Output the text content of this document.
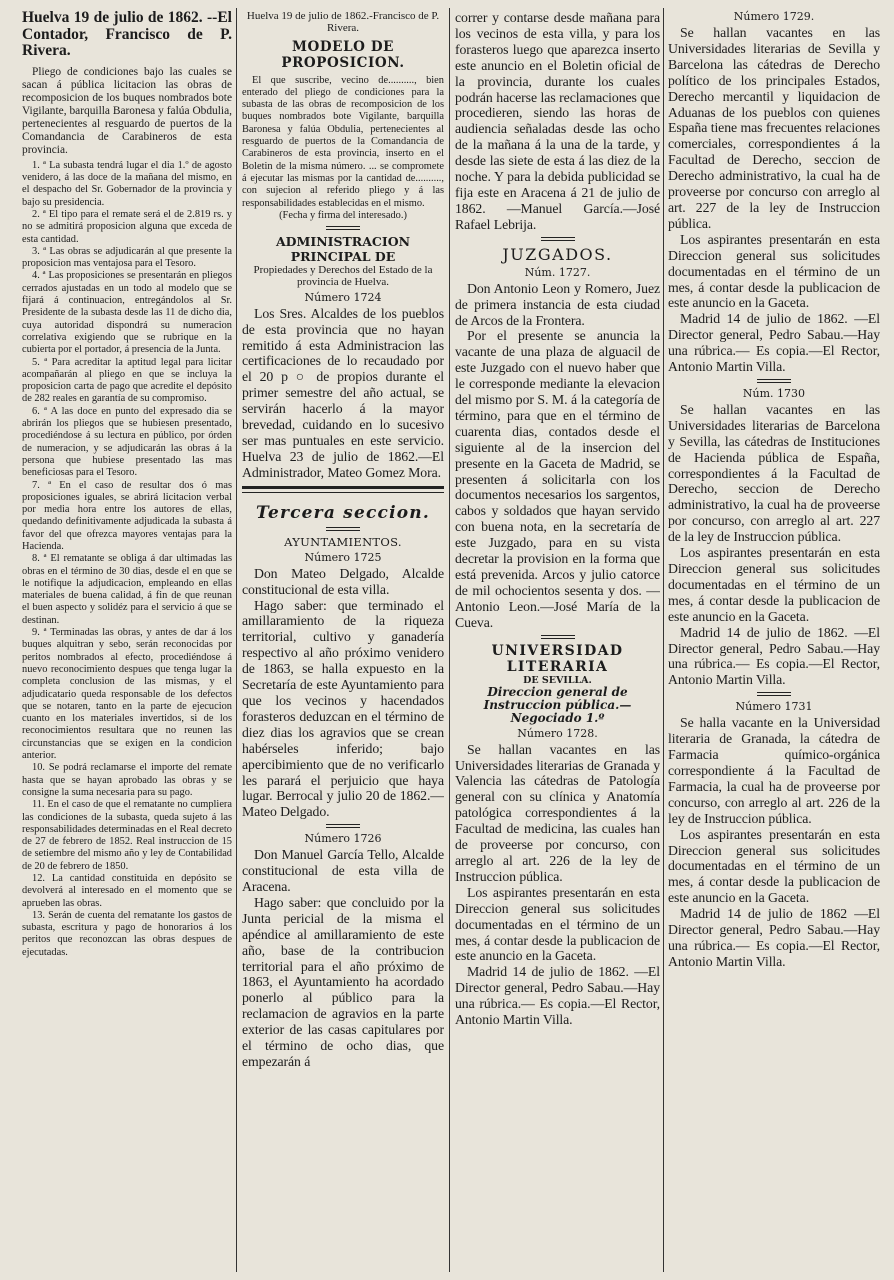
Huelva 19 de julio de 1862. --El Contador, Francisco de P. Rivera.

Pliego de condiciones bajo las cuales se sacan á pública licitacion las obras de recomposicion de los buques nombrados bote Vigilante, barquilla Baronesa y falúa Obdulia, pertenecientes al resguardo de puertos de la Comandancia de Carabineros de esta provincia.

1. ª La subasta tendrá lugar el dia 1.º de agosto venidero, á las doce de la mañana del mismo, en el despacho del Sr. Gobernador de la provincia y bajo su presidencia.

2. ª El tipo para el remate será el de 2.819 rs. y no se admitirá proposicion alguna que exceda de esta cantidad.

3. ª Las obras se adjudicarán al que presente la proposicion mas ventajosa para el Tesoro.

4. ª Las proposiciones se presentarán en pliegos cerrados ajustadas en un todo al modelo que se fijará á continuacion, entregándolos al Sr. Presidente de la subasta desde las 11 de dicho dia, cuya autoridad dispondrá su numeracion correlativa exigiendo que se rubrique en la cubierta por el portador, á presencia de la Junta.

5. ª Para acreditar la aptitud legal para licitar acompañarán al pliego en que se incluya la proposicion carta de pago que acredite el depósito de 282 reales en garantía de su compromiso.

6. ª A las doce en punto del expresado dia se abrirán los pliegos que se hubiesen presentado, procediéndose á su lectura en público, por órden de numeracion, y se adjudicarán las obras á la persona que hubiese presentado las mas beneficiosas para el Tesoro.

7. ª En el caso de resultar dos ó mas proposiciones iguales, se abrirá licitacion verbal por media hora entre los autores de ellas, quedando definitivamente adjudicada la subasta á favor del que ofrezca mayores ventajas para la Hacienda.

8. ª El rematante se obliga á dar ultimadas las obras en el término de 30 dias, desde el en que se le notifique la adjudicacion, empleando en ellas materiales de buena calidad, á fin de que reunan el buen aspecto y solidéz para el servicio á que se destinan.

9. ª Terminadas las obras, y antes de dar á los buques alquitran y sebo, serán reconocidas por peritos nombrados al efecto, procediéndose á nuevo reconocimiento despues que tenga lugar la completa conclusion de las mismas, y el adjudicatario queda responsable de los defectos que se notaren, tanto en la parte de ejecucion cuanto en los materiales invertidos, si de los reconocimientos resultara que no reunen las circunstancias que se exigen en la condicion anterior.

10. Se podrá reclamarse el importe del remate hasta que se hayan aprobado las obras y se consigne la suma necesaria para su pago.

11. En el caso de que el rematante no cumpliera las condiciones de la subasta, queda sujeto á las responsabilidades determinadas en el Real decreto de 27 de febrero de 1852. Real instruccion de 15 de setiembre del mismo año y ley de Contabilidad de 20 de febrero de 1850.

12. La cantidad constituida en depósito se devolverá al interesado en el momento que se aprueben las obras.

13. Serán de cuenta del rematante los gastos de subasta, escritura y pago de honorarios á los peritos que reconozcan las obras despues de ejecutadas.

Huelva 19 de julio de 1862.-Francisco de P. Rivera.

MODELO DE PROPOSICION.

El que suscribe, vecino de.........., bien enterado del pliego de condiciones para la subasta de las obras de recomposicion de los buques nombrados bote Vigilante, barquilla Baronesa y falúa Obdulia, pertenecientes al resguardo de puertos de la Comandancia de Carabineros de esta provincia, inserto en el Boletin de la misma número. ... se compromete á ejecutar las mismas por la cantidad de.........., con sujecion al referido pliego y á las responsabilidades establecidas en el mismo.

(Fecha y firma del interesado.)

ADMINISTRACION PRINCIPAL DE

Propiedades y Derechos del Estado de la provincia de Huelva.

Número 1724

Los Sres. Alcaldes de los pueblos de esta provincia que no hayan remitido á esta Administracion las certificaciones de lo recaudado por el 20 p ○ de propios durante el primer semestre del año actual, se servirán hacerlo á la mayor brevedad, cuidando en lo sucesivo ser mas puntuales en este servicio. Huelva 23 de julio de 1862.—El Administrador, Mateo Gomez Mora.

Tercera seccion.

AYUNTAMIENTOS.

Número 1725

Don Mateo Delgado, Alcalde constitucional de esta villa.

Hago saber: que terminado el amillaramiento de la riqueza territorial, cultivo y ganadería respectivo al año próximo venidero de 1863, se halla expuesto en la Secretaría de este Ayuntamiento para que los vecinos y hacendados forasteros deduzcan en el término de diez dias los agravios que se crean habérseles inferido; bajo apercibimiento que de no verificarlo les parará el perjuicio que haya lugar. Berrocal y julio 20 de 1862.—Mateo Delgado.

Número 1726

Don Manuel García Tello, Alcalde constitucional de esta villa de Aracena.

Hago saber: que concluido por la Junta pericial de la misma el apéndice al amillaramiento de este año, base de la contribucion territorial para el año próximo de 1863, el Ayuntamiento ha acordado ponerlo al público para la reclamacion de agravios en la parte exterior de las casas capitulares por el término de ocho dias, que empezarán á

correr y contarse desde mañana para los vecinos de esta villa, y para los forasteros luego que aparezca inserto este anuncio en el Boletin oficial de la provincia, durante los cuales podrán hacerse las reclamaciones que procedieren, siendo las horas de audiencia señaladas desde las ocho de la mañana á la una de la tarde, y desde las siete de esta á las diez de la noche. Y para la debida publicidad se fija este en Aracena á 21 de julio de 1862. —Manuel García.—José Rafael Lebrija.

JUZGADOS.

Núm. 1727.

Don Antonio Leon y Romero, Juez de primera instancia de esta ciudad de Arcos de la Frontera.

Por el presente se anuncia la vacante de una plaza de alguacil de este Juzgado con el nuevo haber que le corresponde mediante la elevacion del mismo por S. M. á la categoría de término, para que en el término de cuarenta dias, contados desde el siguiente al de la insercion del presente en la Gaceta de Madrid, se presenten á solicitarla con los documentos necesarios los sargentos, cabos y soldados que hayan servido con buena nota, en la secretaría de este Juzgado, para en su vista decretar la provision en la forma que está prevenida. Arcos y julio catorce de mil ochocientos sesenta y dos. —Antonio Leon.—José María de la Cueva.

UNIVERSIDAD LITERARIA

DE SEVILLA.

Direccion general de Instruccion pública.—Negociado 1.º

Número 1728.

Se hallan vacantes en las Universidades literarias de Granada y Valencia las cátedras de Patología general con su clínica y Anatomía patológica correspondientes á la Facultad de medicina, las cuales han de proveerse por concurso, con arreglo al art. 226 de la ley de Instruccion pública.

Los aspirantes presentarán en esta Direccion general sus solicitudes documentadas en el término de un mes, á contar desde la publicacion de este anuncio en la Gaceta.

Madrid 14 de julio de 1862. —El Director general, Pedro Sabau.—Hay una rúbrica.— Es copia.—El Rector, Antonio Martin Villa.

Número 1729.

Se hallan vacantes en las Universidades literarias de Sevilla y Barcelona las cátedras de Derecho político de los principales Estados, Derecho mercantil y liquidacion de Aduanas de los pueblos con quienes España tiene mas frecuentes relaciones comerciales, correspondientes á la Facultad de Derecho, seccion de Derecho administrativo, la cual ha de proveerse por concurso con arreglo al art. 227 de la ley de Instruccion pública.

Los aspirantes presentarán en esta Direccion general sus solicitudes documentadas en el término de un mes, á contar desde la publicacion de este anuncio en la Gaceta.

Madrid 14 de julio de 1862. —El Director general, Pedro Sabau.—Hay una rúbrica.— Es copia.—El Rector, Antonio Martin Villa.

Núm. 1730

Se hallan vacantes en las Universidades literarias de Barcelona y Sevilla, las cátedras de Instituciones de Hacienda pública de España, correspondientes á la Facultad de Derecho, seccion de Derecho administrativo, la cual ha de proveerse por concurso, con arreglo al art. 227 de la ley de Instruccion pública.

Los aspirantes presentarán en esta Direccion general sus solicitudes documentadas en el término de un mes, á contar desde la publicacion de este anuncio en la Gaceta.

Madrid 14 de julio de 1862. —El Director general, Pedro Sabau.—Hay una rúbrica.— Es copia.—El Rector, Antonio Martin Villa.

Número 1731

Se halla vacante en la Universidad literaria de Granada, la cátedra de Farmacia químico-orgánica correspondiente á la Facultad de Farmacia, la cual ha de proveerse por concurso, con arreglo al art. 226 de la ley de Instruccion pública.

Los aspirantes presentarán en esta Direccion general sus solicitudes documentadas en el término de un mes, á contar desde la publicacion de este anuncio en la Gaceta.

Madrid 14 de julio de 1862 —El Director general, Pedro Sabau.—Hay una rúbrica.— Es copia.—El Rector, Antonio Martin Villa.
